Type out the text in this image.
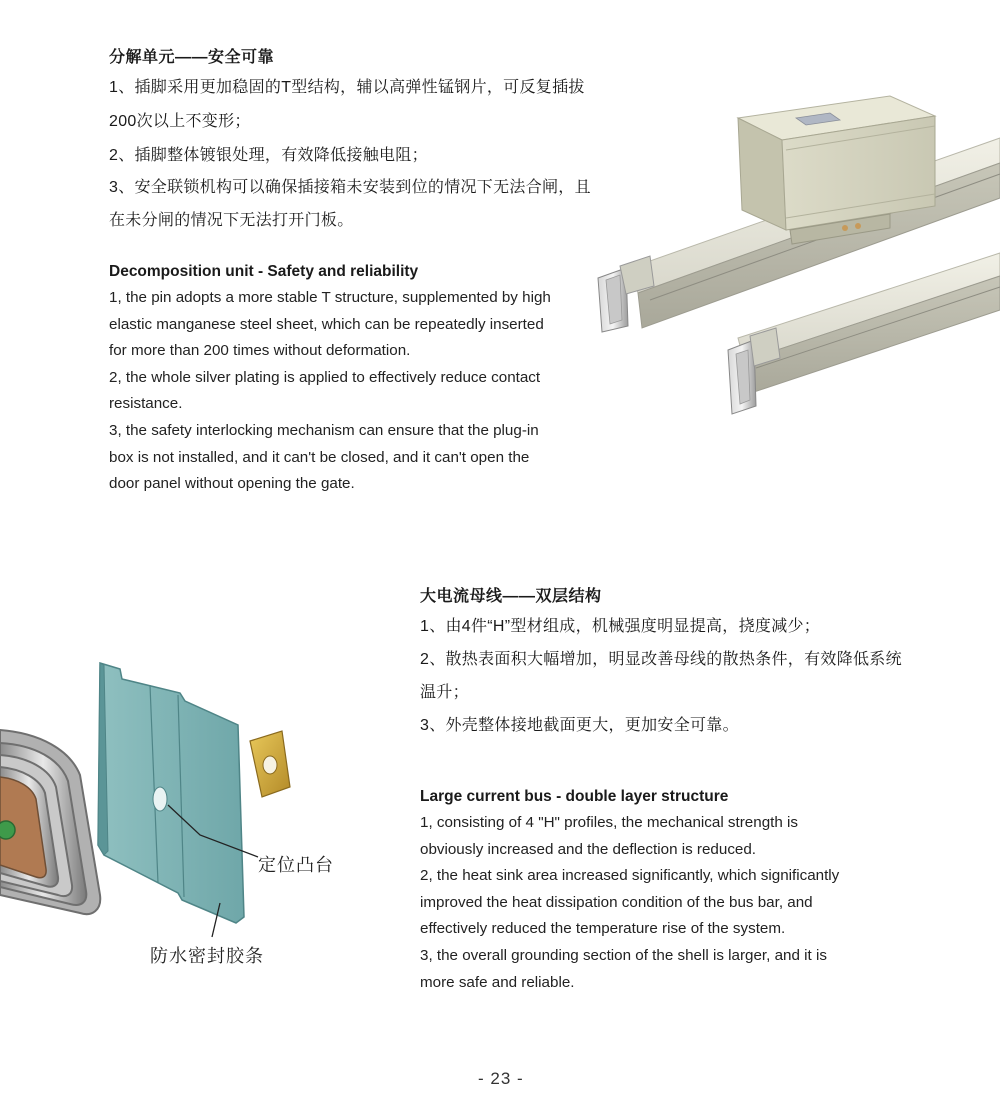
分解单元——安全可靠
1、插脚采用更加稳固的T型结构，辅以高弹性锰钢片，可反复插拔
200次以上不变形；
2、插脚整体镀银处理，有效降低接触电阻；
3、安全联锁机构可以确保插接箱未安装到位的情况下无法合闸，且
在未分闸的情况下无法打开门板。
Decomposition unit - Safety and reliability
1, the pin adopts a more stable T structure, supplemented by high
elastic manganese steel sheet, which can be repeatedly inserted
for more than 200 times without deformation.
2, the whole silver plating is applied to effectively reduce contact
resistance.
3, the safety interlocking mechanism can ensure that the plug-in
box is not installed, and it can't be closed, and it can't open the
door panel without opening the gate.
大电流母线——双层结构
1、由4件“H”型材组成，机械强度明显提高，挠度减少；
2、散热表面积大幅增加，明显改善母线的散热条件，有效降低系统
温升；
3、外壳整体接地截面更大，更加安全可靠。
Large current bus - double layer structure
1, consisting of 4 "H" profiles, the mechanical strength is
obviously increased and the deflection is reduced.
2, the heat sink area increased significantly, which significantly
improved the heat dissipation condition of the bus bar, and
effectively reduced the temperature rise of the system.
3, the overall grounding section of the shell is larger, and it is
more safe and reliable.
定位凸台
防水密封胶条
- 23 -
